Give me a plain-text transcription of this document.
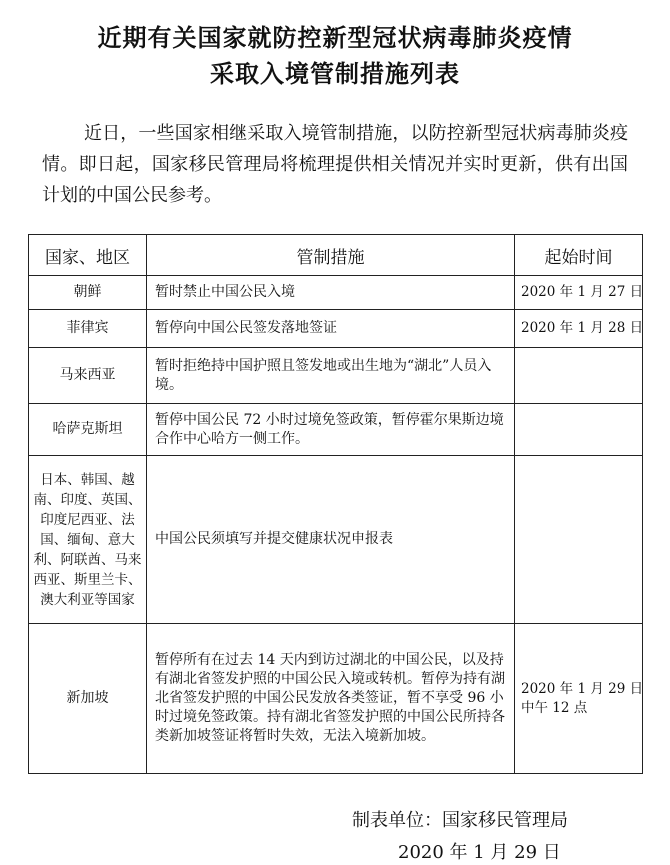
近期有关国家就防控新型冠状病毒肺炎疫情
采取入境管制措施列表
近日，一些国家相继采取入境管制措施，以防控新型冠状病毒肺炎疫情。即日起，国家移民管理局将梳理提供相关情况并实时更新，供有出国计划的中国公民参考。
国家、地区	管制措施	起始时间
朝鲜	暂时禁止中国公民入境	2020 年 1 月 27 日
菲律宾	暂停向中国公民签发落地签证	2020 年 1 月 28 日
马来西亚	暂时拒绝持中国护照且签发地或出生地为“湖北”人员入境。	
哈萨克斯坦	暂停中国公民 72 小时过境免签政策，暂停霍尔果斯边境合作中心哈方一侧工作。	
日本、韩国、越南、印度、英国、印度尼西亚、法国、缅甸、意大利、阿联酋、马来西亚、斯里兰卡、澳大利亚等国家	中国公民须填写并提交健康状况申报表	
新加坡	暂停所有在过去 14 天内到访过湖北的中国公民，以及持有湖北省签发护照的中国公民入境或转机。暂停为持有湖北省签发护照的中国公民发放各类签证，暂不享受 96 小时过境免签政策。持有湖北省签发护照的中国公民所持各类新加坡签证将暂时失效，无法入境新加坡。	2020 年 1 月 29 日
中午 12 点
制表单位：国家移民管理局
2020 年 1 月 29 日
